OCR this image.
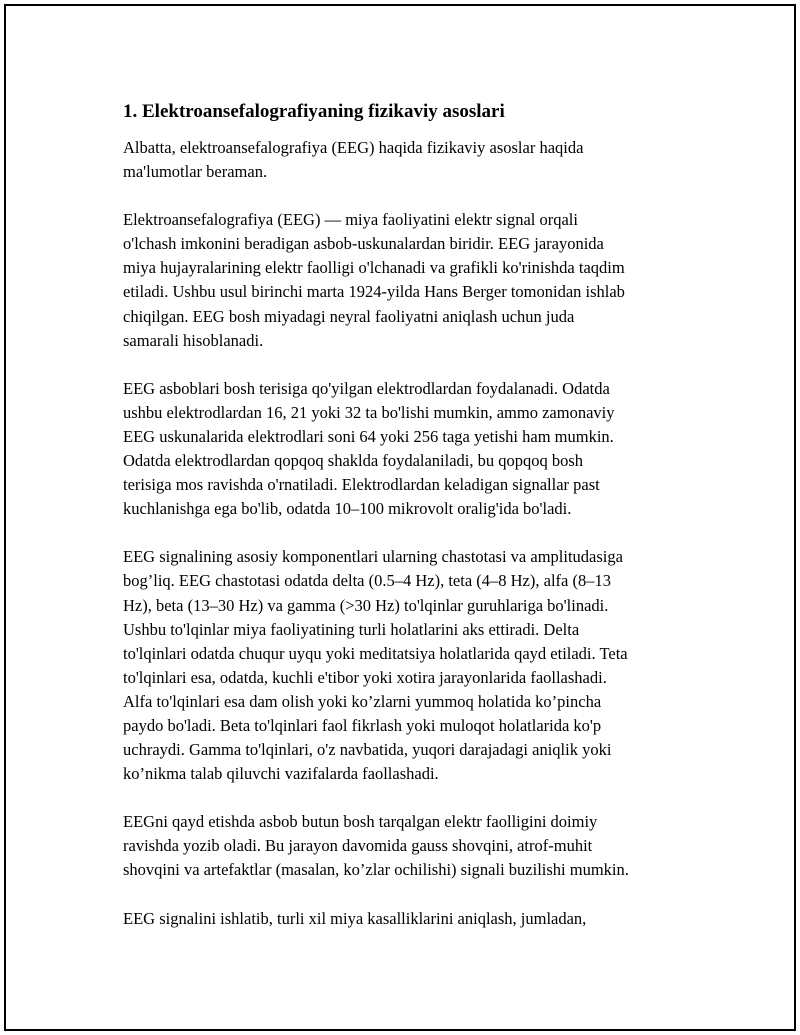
1. Elektroansefalografiyaning fizikaviy asoslari

Albatta, elektroansefalografiya (EEG) haqida fizikaviy asoslar haqida
ma'lumotlar beraman.

Elektroansefalografiya (EEG) — miya faoliyatini elektr signal orqali
o'lchash imkonini beradigan asbob-uskunalardan biridir. EEG jarayonida
miya hujayralarining elektr faolligi o'lchanadi va grafikli ko'rinishda taqdim
etiladi. Ushbu usul birinchi marta 1924-yilda Hans Berger tomonidan ishlab
chiqilgan. EEG bosh miyadagi neyral faoliyatni aniqlash uchun juda
samarali hisoblanadi.

EEG asboblari bosh terisiga qo'yilgan elektrodlardan foydalanadi. Odatda
ushbu elektrodlardan 16, 21 yoki 32 ta bo'lishi mumkin, ammo zamonaviy
EEG uskunalarida elektrodlari soni 64 yoki 256 taga yetishi ham mumkin.
Odatda elektrodlardan qopqoq shaklda foydalaniladi, bu qopqoq bosh
terisiga mos ravishda o'rnatiladi. Elektrodlardan keladigan signallar past
kuchlanishga ega bo'lib, odatda 10–100 mikrovolt oralig'ida bo'ladi.

EEG signalining asosiy komponentlari ularning chastotasi va amplitudasiga
bog’liq. EEG chastotasi odatda delta (0.5–4 Hz), teta (4–8 Hz), alfa (8–13
Hz), beta (13–30 Hz) va gamma (>30 Hz) to'lqinlar guruhlariga bo'linadi.
Ushbu to'lqinlar miya faoliyatining turli holatlarini aks ettiradi. Delta
to'lqinlari odatda chuqur uyqu yoki meditatsiya holatlarida qayd etiladi. Teta
to'lqinlari esa, odatda, kuchli e'tibor yoki xotira jarayonlarida faollashadi.
Alfa to'lqinlari esa dam olish yoki ko’zlarni yummoq holatida ko’pincha
paydo bo'ladi. Beta to'lqinlari faol fikrlash yoki muloqot holatlarida ko'p
uchraydi. Gamma to'lqinlari, o'z navbatida, yuqori darajadagi aniqlik yoki
ko’nikma talab qiluvchi vazifalarda faollashadi.

EEGni qayd etishda asbob butun bosh tarqalgan elektr faolligini doimiy
ravishda yozib oladi. Bu jarayon davomida gauss shovqini, atrof-muhit
shovqini va artefaktlar (masalan, ko’zlar ochilishi) signali buzilishi mumkin.

EEG signalini ishlatib, turli xil miya kasalliklarini aniqlash, jumladan,
